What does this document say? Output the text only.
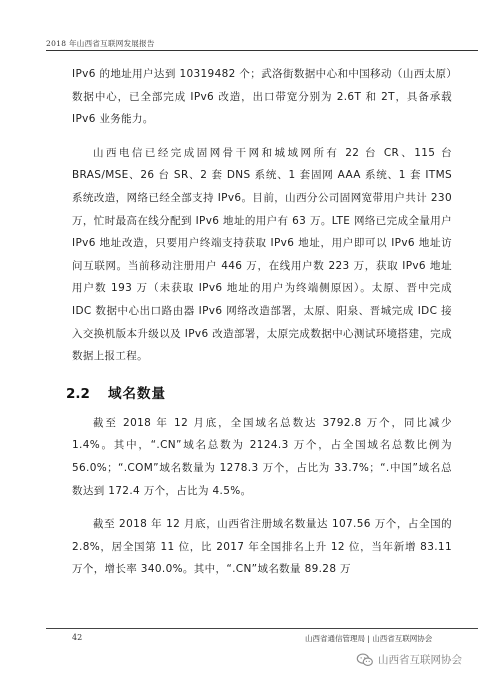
2018 年山西省互联网发展报告

IPv6 的地址用户达到 10319482 个；武洛街数据中心和中国移动（山西太原）数据中心，已全部完成 IPv6 改造，出口带宽分别为 2.6T 和 2T，具备承载 IPv6 业务能力。

山西电信已经完成固网骨干网和城域网所有 22 台 CR、115 台 BRAS/MSE、26 台 SR、2 套 DNS 系统、1 套固网 AAA 系统、1 套 ITMS 系统改造，网络已经全部支持 IPv6。目前，山西分公司固网宽带用户共计 230 万，忙时最高在线分配到 IPv6 地址的用户有 63 万。LTE 网络已完成全量用户 IPv6 地址改造，只要用户终端支持获取 IPv6 地址，用户即可以 IPv6 地址访问互联网。当前移动注册用户 446 万，在线用户数 223 万，获取 IPv6 地址用户数 193 万（未获取 IPv6 地址的用户为终端侧原因）。太原、晋中完成 IDC 数据中心出口路由器 IPv6 网络改造部署，太原、阳泉、晋城完成 IDC 接入交换机版本升级以及 IPv6 改造部署，太原完成数据中心测试环境搭建，完成数据上报工程。

2.2	域名数量

截至 2018 年 12 月底，全国域名总数达 3792.8 万个，同比减少 1.4%。其中，“.CN”域名总数为 2124.3 万个，占全国域名总数比例为 56.0%；“.COM”域名数量为 1278.3 万个，占比为 33.7%；“.中国”域名总数达到 172.4 万个，占比为 4.5%。

截至 2018 年 12 月底，山西省注册域名数量达 107.56 万个，占全国的 2.8%，居全国第 11 位，比 2017 年全国排名上升 12 位，当年新增 83.11 万个，增长率 340.0%。其中，“.CN”域名数量 89.28 万

42	山西省通信管理局 | 山西省互联网协会
山西省互联网协会
